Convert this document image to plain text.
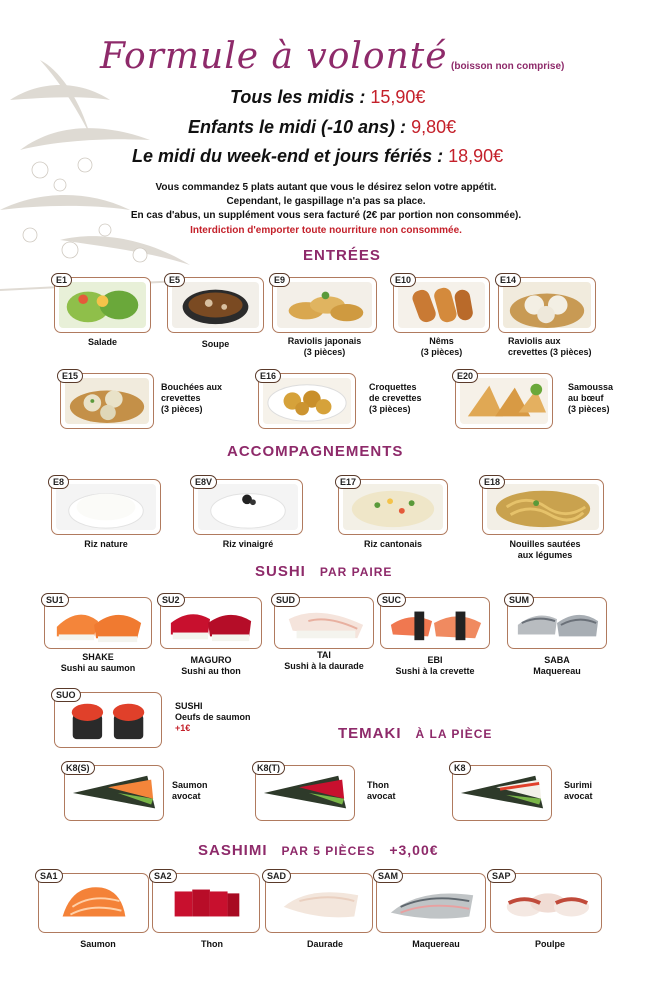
Formule à volonté (boisson non comprise)
Tous les midis : 15,90€
Enfants le midi (-10 ans) : 9,80€
Le midi du week-end et jours fériés : 18,90€
Vous commandez 5 plats autant que vous le désirez selon votre appétit.
Cependant, le gaspillage n'a pas sa place.
En cas d'abus, un supplément vous sera facturé (2€ par portion non consommée).
Interdiction d'emporter toute nourriture non consommée.
ENTRÉES
E1
Salade
E5
Soupe
E9
Raviolis japonais
(3 pièces)
E10
Nêms
(3 pièces)
E14
Raviolis aux
crevettes (3 pièces)
E15
Bouchées aux
crevettes
(3 pièces)
E16
Croquettes
de crevettes
(3 pièces)
E20
Samoussa
au bœuf
(3 pièces)
ACCOMPAGNEMENTS
E8
Riz nature
E8V
Riz vinaigré
E17
Riz cantonais
E18
Nouilles sautées
aux légumes
SUSHI PAR PAIRE
SU1
SHAKE
Sushi au saumon
SU2
MAGURO
Sushi au thon
SUD
TAI
Sushi à la daurade
SUC
EBI
Sushi à la crevette
SUM
SABA
Maquereau
SUO
SUSHI
Oeufs de saumon
+1€	TEMAKI À LA PIÈCE
K8(S)
Saumon
avocat
K8(T)
Thon
avocat
K8
Surimi
avocat
SASHIMI PAR 5 PIÈCES +3,00€
SA1
Saumon
SA2
Thon
SAD
Daurade
SAM
Maquereau
SAP
Poulpe
